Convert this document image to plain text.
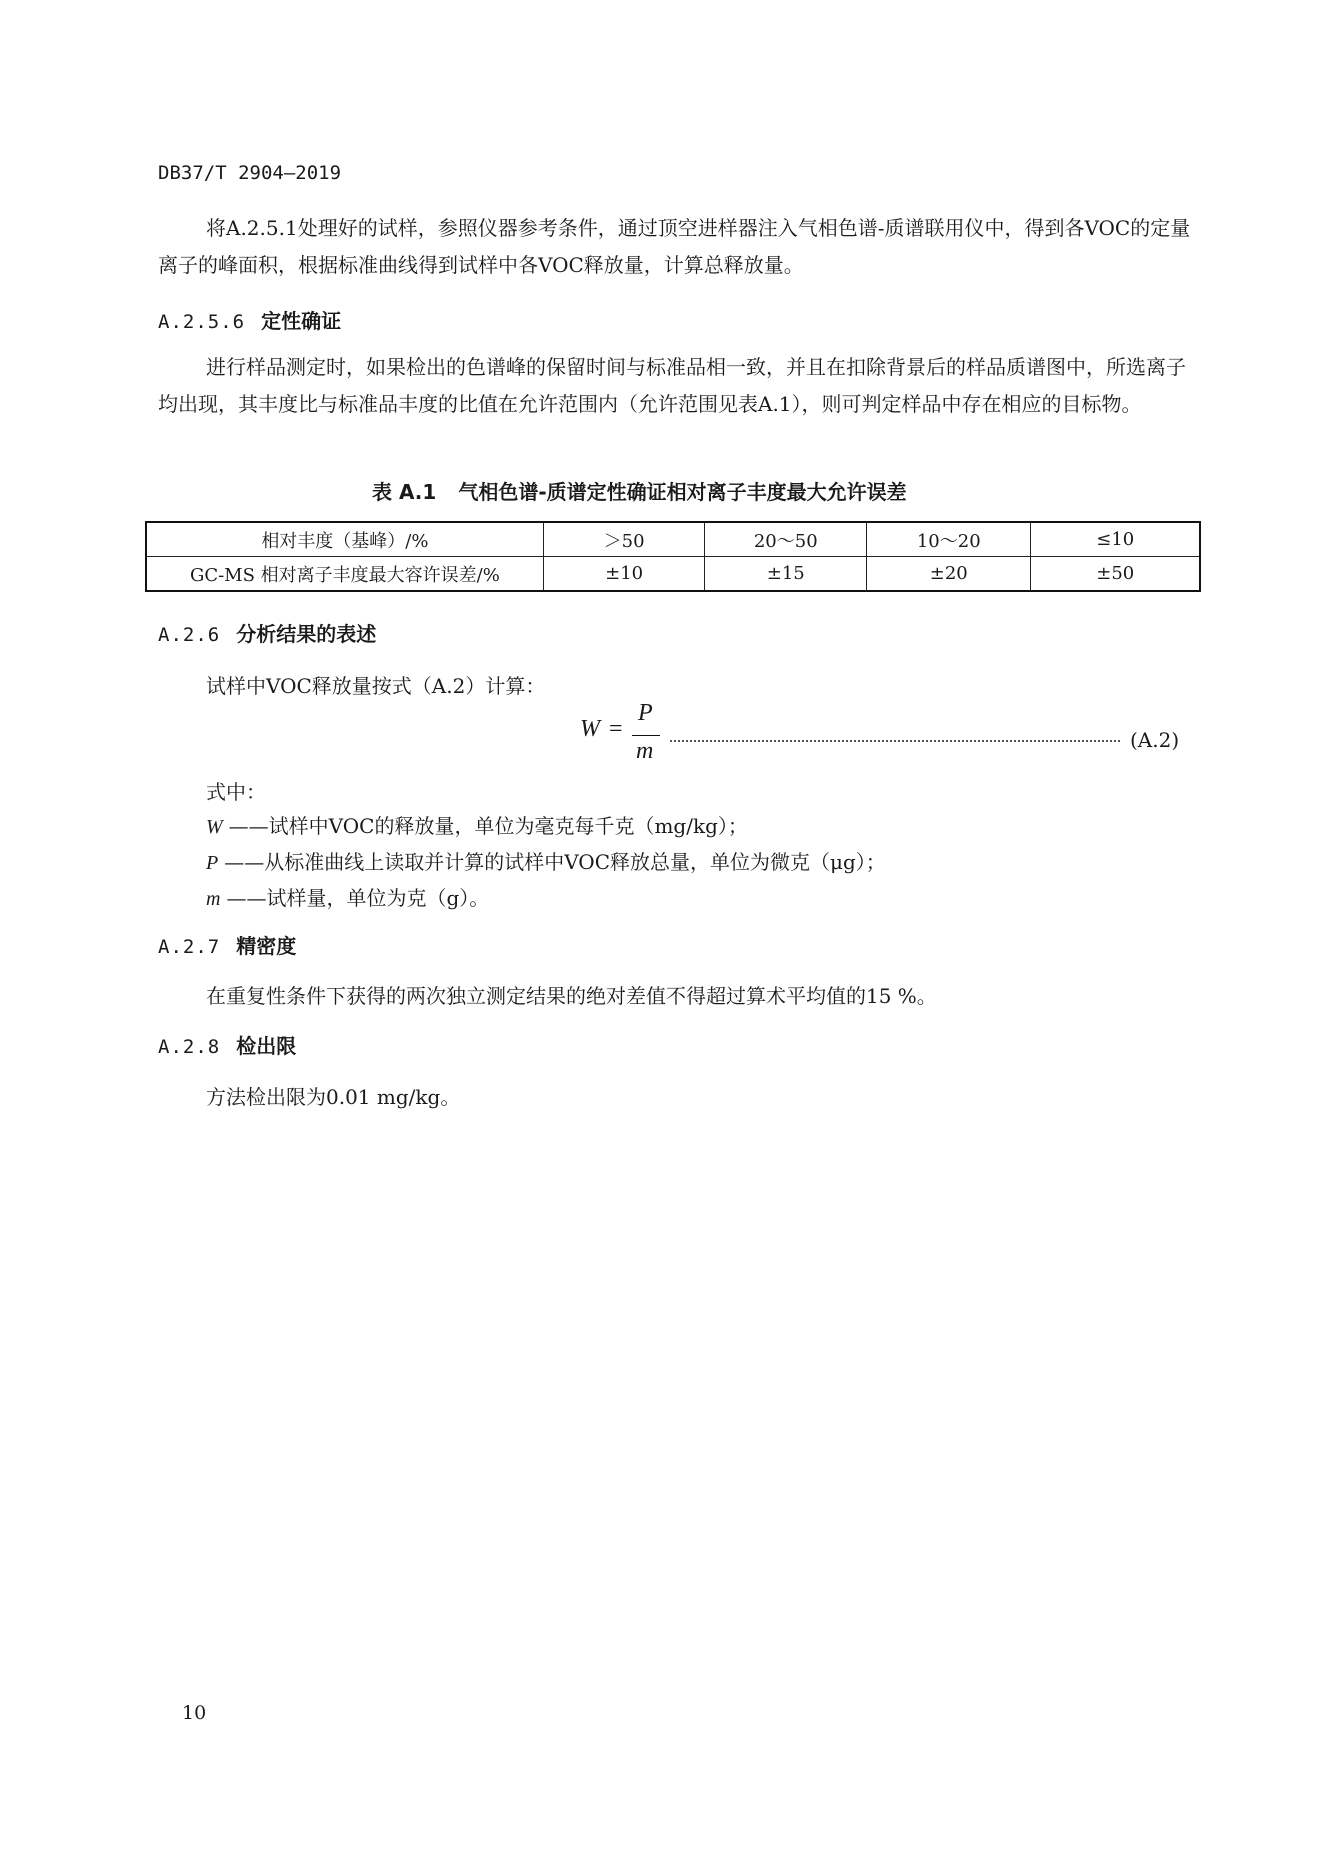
DB37/T 2904—2019
将A.2.5.1处理好的试样，参照仪器参考条件，通过顶空进样器注入气相色谱-质谱联用仪中，得到各VOC的定量离子的峰面积，根据标准曲线得到试样中各VOC释放量，计算总释放量。
A.2.5.6 定性确证
进行样品测定时，如果检出的色谱峰的保留时间与标准品相一致，并且在扣除背景后的样品质谱图中，所选离子均出现，其丰度比与标准品丰度的比值在允许范围内（允许范围见表A.1），则可判定样品中存在相应的目标物。
表 A.1 气相色谱-质谱定性确证相对离子丰度最大允许误差
相对丰度（基峰）/%	＞50	20～50	10～20	≤10
GC-MS 相对离子丰度最大容许误差/%	±10	±15	±20	±50
A.2.6 分析结果的表述
试样中VOC释放量按式（A.2）计算：
W =
P
m	(A.2)
式中：
W ——试样中VOC的释放量，单位为毫克每千克（mg/kg）；
P ——从标准曲线上读取并计算的试样中VOC释放总量，单位为微克（μg）；
m ——试样量，单位为克（g）。
A.2.7 精密度
在重复性条件下获得的两次独立测定结果的绝对差值不得超过算术平均值的15 %。
A.2.8 检出限
方法检出限为0.01 mg/kg。
10
